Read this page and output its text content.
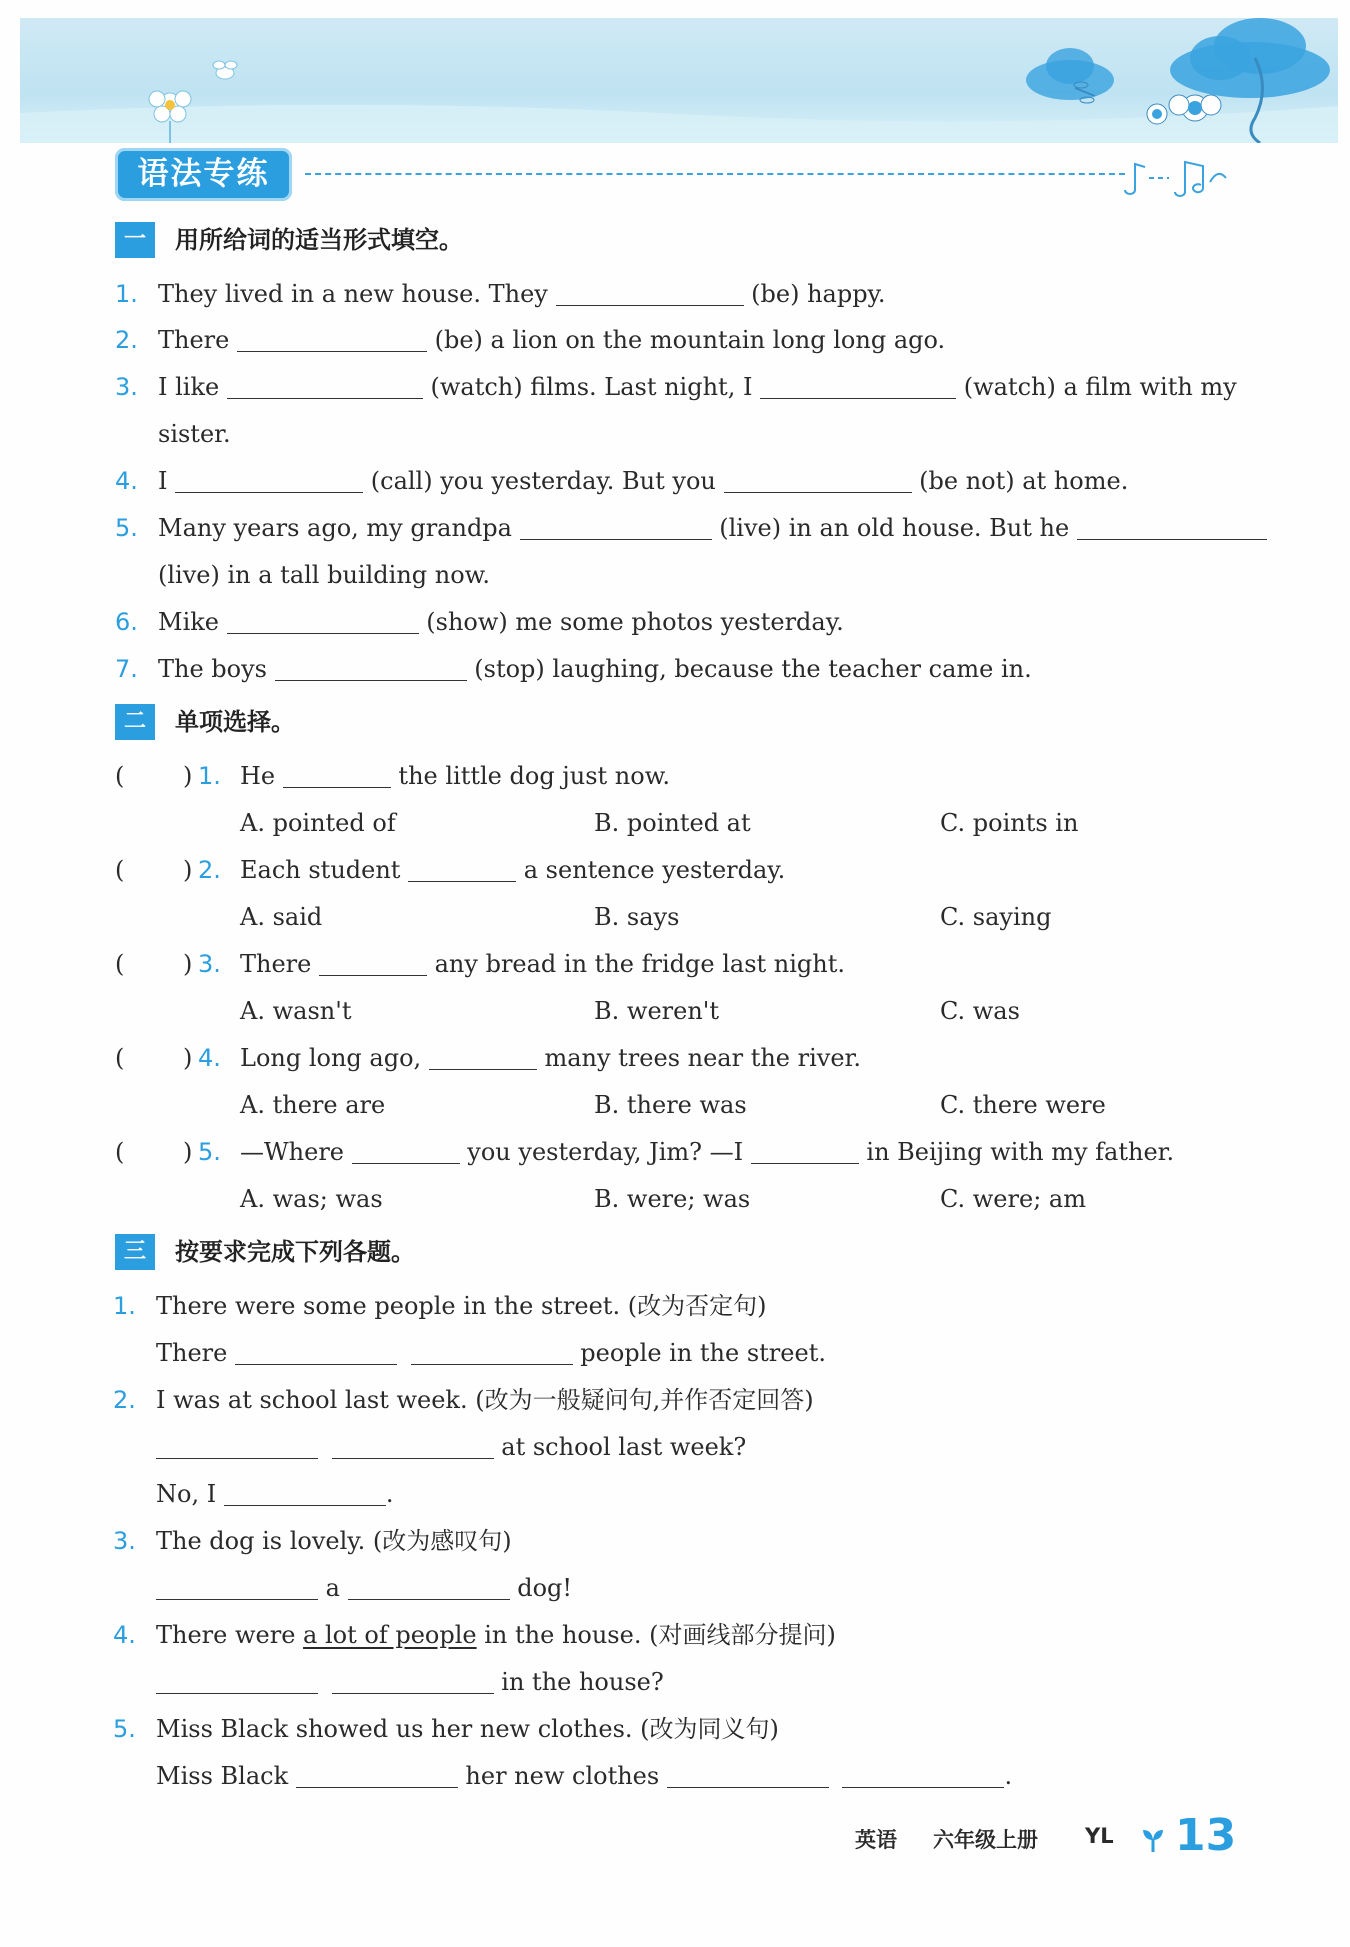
语法专练
一	用所给词的适当形式填空。
1. They lived in a new house. They	(be) happy.
2. There	(be) a lion on the mountain long long ago.
3. I like	(watch) films. Last night, I	(watch) a film with my
sister.
4. I	(call) you yesterday. But you	(be not) at home.
5. Many years ago, my grandpa	(live) in an old house. But he
(live) in a tall building now.
6. Mike	(show) me some photos yesterday.
7. The boys	(stop) laughing, because the teacher came in.
二	单项选择。
( ) 1. He	the little dog just now.
A. pointed of	B. pointed at	C. points in
( ) 2. Each student	a sentence yesterday.
A. said	B. says	C. saying
( ) 3. There	any bread in the fridge last night.
A. wasn't	B. weren't	C. was
( ) 4. Long long ago,	many trees near the river.
A. there are	B. there was	C. there were
( ) 5. —Where	you yesterday, Jim? —I	in Beijing with my father.
A. was; was	B. were; was	C. were; am
三	按要求完成下列各题。
1. There were some people in the street. (改为否定句)
There	people in the street.
2. I was at school last week. (改为一般疑问句,并作否定回答)
at school last week?
No, I	.
3. The dog is lovely. (改为感叹句)
a	dog!
4. There were a lot of people in the house. (对画线部分提问)
in the house?
5. Miss Black showed us her new clothes. (改为同义句)
Miss Black	her new clothes	.
英语 六年级上册 YL 13
